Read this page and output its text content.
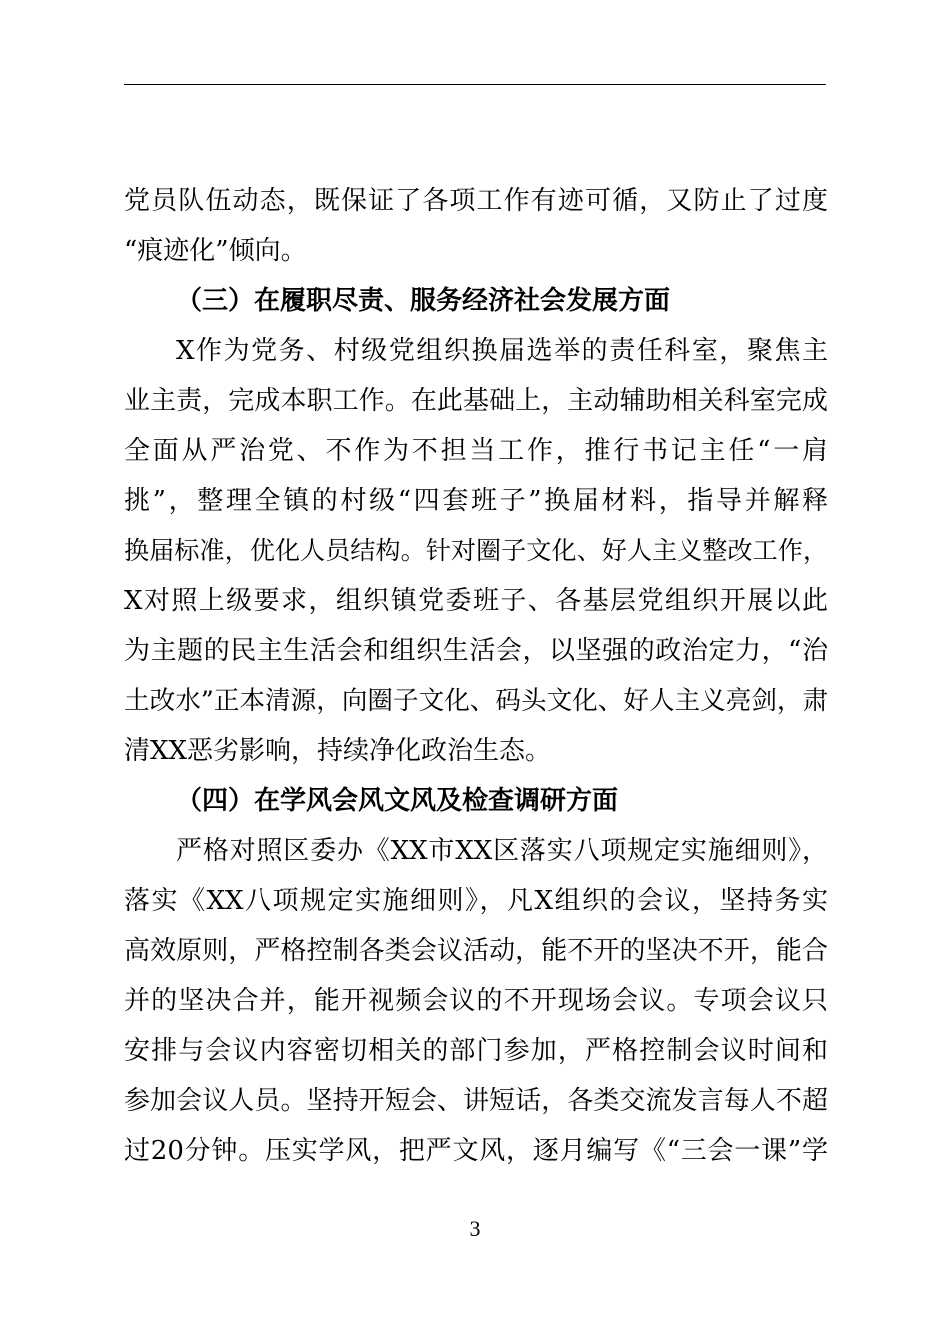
党员队伍动态，既保证了各项工作有迹可循，又防止了过度
“痕迹化”倾向。
（三）在履职尽责、服务经济社会发展方面
X作为党务、村级党组织换届选举的责任科室，聚焦主
业主责，完成本职工作。在此基础上，主动辅助相关科室完成
全面从严治党、不作为不担当工作，推行书记主任“一肩
挑”，整理全镇的村级“四套班子”换届材料，指导并解释
换届标准，优化人员结构。针对圈子文化、好人主义整改工作，
X对照上级要求，组织镇党委班子、各基层党组织开展以此
为主题的民主生活会和组织生活会，以坚强的政治定力，“治
土改水”正本清源，向圈子文化、码头文化、好人主义亮剑，肃
清XX恶劣影响，持续净化政治生态。
（四）在学风会风文风及检查调研方面
严格对照区委办《XX市XX区落实八项规定实施细则》，
落实《XX八项规定实施细则》，凡X组织的会议，坚持务实
高效原则，严格控制各类会议活动，能不开的坚决不开，能合
并的坚决合并，能开视频会议的不开现场会议。专项会议只
安排与会议内容密切相关的部门参加，严格控制会议时间和
参加会议人员。坚持开短会、讲短话，各类交流发言每人不超
过20分钟。压实学风，把严文风，逐月编写《“三会一课”学
3
